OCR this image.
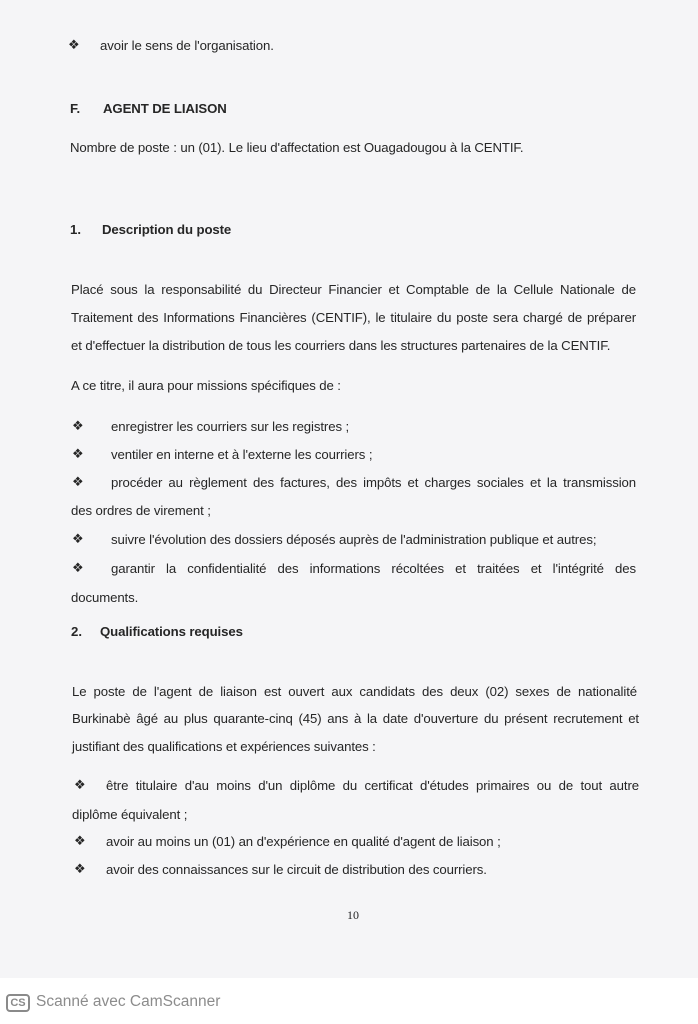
❖ avoir le sens de l'organisation.
F. AGENT DE LIAISON
Nombre de poste : un (01). Le lieu d'affectation est Ouagadougou à la CENTIF.
1. Description du poste
Placé sous la responsabilité du Directeur Financier et Comptable de la Cellule Nationale de
Traitement des Informations Financières (CENTIF), le titulaire du poste sera chargé de préparer
et d'effectuer la distribution de tous les courriers dans les structures partenaires de la CENTIF.
A ce titre, il aura pour missions spécifiques de :
❖ enregistrer les courriers sur les registres ;
❖ ventiler en interne et à l'externe les courriers ;
❖ procéder au règlement des factures, des impôts et charges sociales et la transmission
des ordres de virement ;
❖ suivre l'évolution des dossiers déposés auprès de l'administration publique et autres;
❖ garantir la confidentialité des informations récoltées et traitées et l'intégrité des
documents.
2. Qualifications requises
Le poste de l'agent de liaison est ouvert aux candidats des deux (02) sexes de nationalité
Burkinabè âgé au plus quarante-cinq (45) ans à la date d'ouverture du présent recrutement et
justifiant des qualifications et expériences suivantes :
❖ être titulaire d'au moins d'un diplôme du certificat d'études primaires ou de tout autre
diplôme équivalent ;
❖ avoir au moins un (01) an d'expérience en qualité d'agent de liaison ;
❖ avoir des connaissances sur le circuit de distribution des courriers.
10
CS Scanné avec CamScanner
